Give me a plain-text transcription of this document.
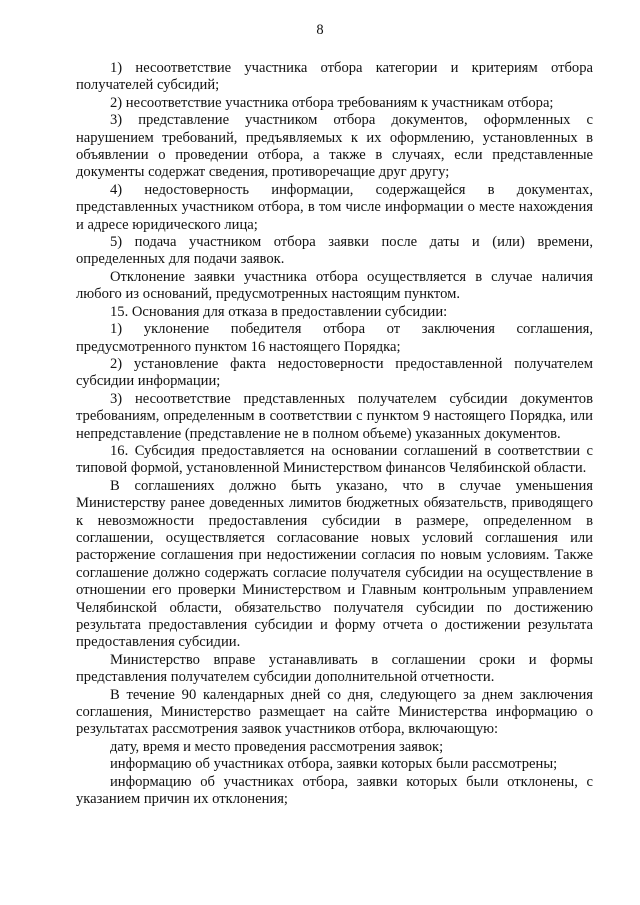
8

1) несоответствие участника отбора категории и критериям отбора получателей субсидий;

2) несоответствие участника отбора требованиям к участникам отбора;

3) представление участником отбора документов, оформленных с нарушением требований, предъявляемых к их оформлению, установленных в объявлении о проведении отбора, а также в случаях, если представленные документы содержат сведения, противоречащие друг другу;

4) недостоверность информации, содержащейся в документах, представленных участником отбора, в том числе информации о месте нахождения и адресе юридического лица;

5) подача участником отбора заявки после даты и (или) времени, определенных для подачи заявок.

Отклонение заявки участника отбора осуществляется в случае наличия любого из оснований, предусмотренных настоящим пунктом.

15. Основания для отказа в предоставлении субсидии:

1) уклонение победителя отбора от заключения соглашения, предусмотренного пунктом 16 настоящего Порядка;

2) установление факта недостоверности предоставленной получателем субсидии информации;

3) несоответствие представленных получателем субсидии документов требованиям, определенным в соответствии с пунктом 9 настоящего Порядка, или непредставление (представление не в полном объеме) указанных документов.

16. Субсидия предоставляется на основании соглашений в соответствии с типовой формой, установленной Министерством финансов Челябинской области.

В соглашениях должно быть указано, что в случае уменьшения Министерству ранее доведенных лимитов бюджетных обязательств, приводящего к невозможности предоставления субсидии в размере, определенном в соглашении, осуществляется согласование новых условий соглашения или расторжение соглашения при недостижении согласия по новым условиям. Также соглашение должно содержать согласие получателя субсидии на осуществление в отношении его проверки Министерством и Главным контрольным управлением Челябинской области, обязательство получателя субсидии по достижению результата предоставления субсидии и форму отчета о достижении результата предоставления субсидии.

Министерство вправе устанавливать в соглашении сроки и формы представления получателем субсидии дополнительной отчетности.

В течение 90 календарных дней со дня, следующего за днем заключения соглашения, Министерство размещает на сайте Министерства информацию о результатах рассмотрения заявок участников отбора, включающую:

дату, время и место проведения рассмотрения заявок;

информацию об участниках отбора, заявки которых были рассмотрены;

информацию об участниках отбора, заявки которых были отклонены, с указанием причин их отклонения;
